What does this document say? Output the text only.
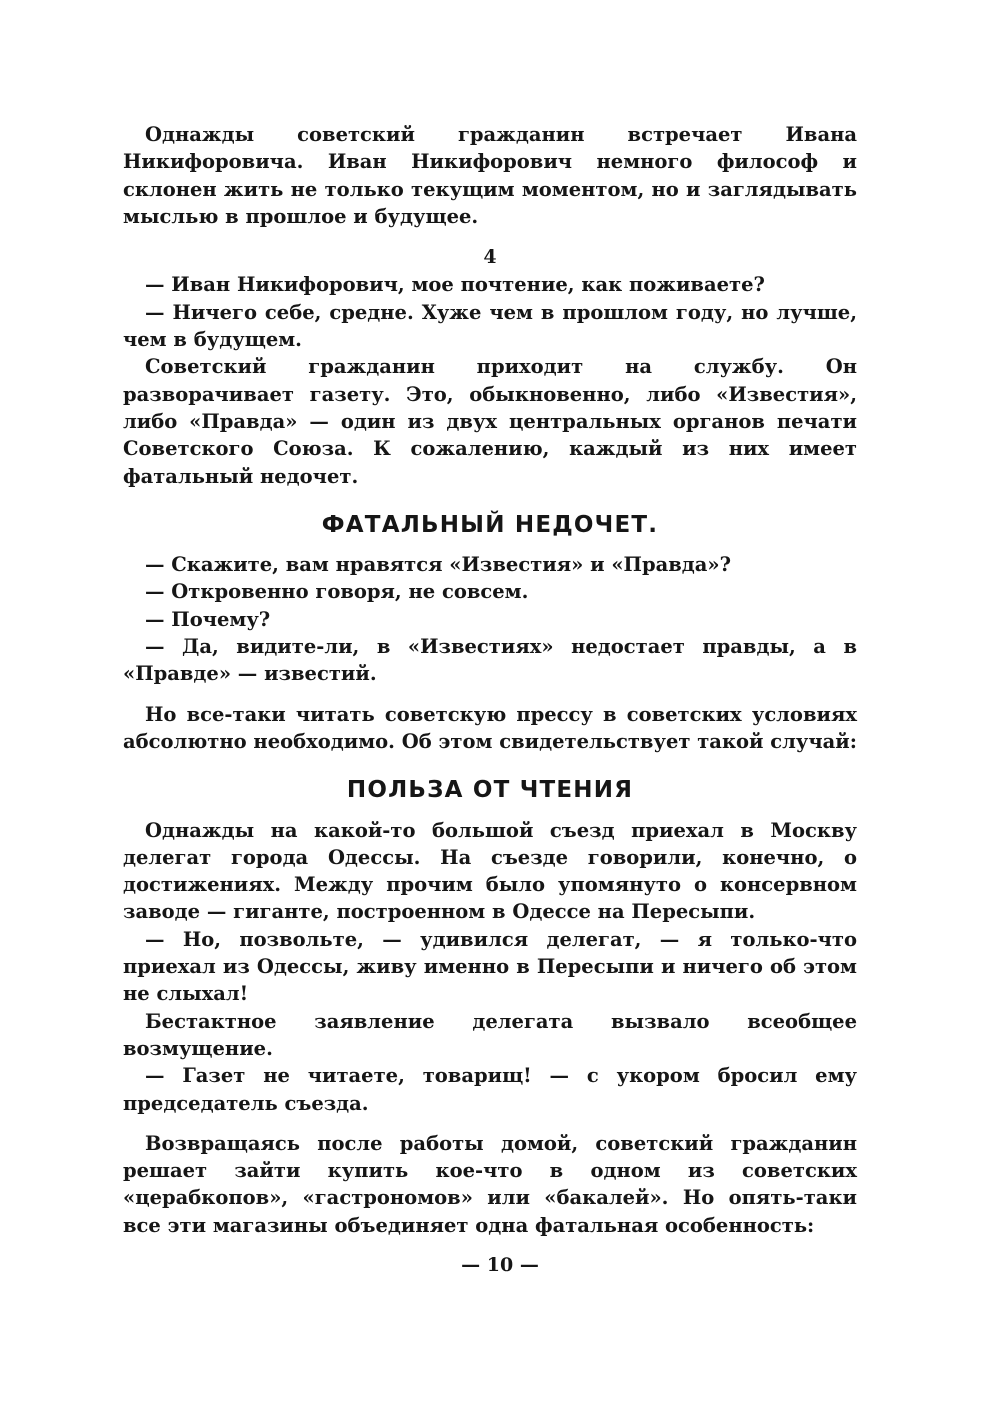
Однажды советский гражданин встречает Ивана Никифоровича. Иван Никифорович немного философ и склонен жить не только текущим моментом, но и заглядывать мыслью в прошлое и будущее.

4

— Иван Никифорович, мое почтение, как поживаете?

— Ничего себе, средне. Хуже чем в прошлом году, но лучше, чем в будущем.

Советский гражданин приходит на службу. Он разворачивает газету. Это, обыкновенно, либо «Известия», либо «Правда» — один из двух центральных органов печати Советского Союза. К сожалению, каждый из них имеет фатальный недочет.

ФАТАЛЬНЫЙ НЕДОЧЕТ.

— Скажите, вам нравятся «Известия» и «Правда»?

— Откровенно говоря, не совсем.

— Почему?

— Да, видите-ли, в «Известиях» недостает правды, а в «Правде» — известий.

Но все-таки читать советскую прессу в советских условиях абсолютно необходимо. Об этом свидетельствует такой случай:

ПОЛЬЗА ОТ ЧТЕНИЯ

Однажды на какой-то большой съезд приехал в Москву делегат города Одессы. На съезде говорили, конечно, о достижениях. Между прочим было упомянуто о консервном заводе — гиганте, построенном в Одессе на Пересыпи.

— Но, позвольте, — удивился делегат, — я только-что приехал из Одессы, живу именно в Пересыпи и ничего об этом не слыхал!

Бестактное заявление делегата вызвало всеобщее возмущение.

— Газет не читаете, товарищ! — с укором бросил ему председатель съезда.

Возвращаясь после работы домой, советский гражданин решает зайти купить кое-что в одном из советских «церабкопов», «гастрономов» или «бакалей». Но опять-таки все эти магазины объединяет одна фатальная особенность:

— 10 —
